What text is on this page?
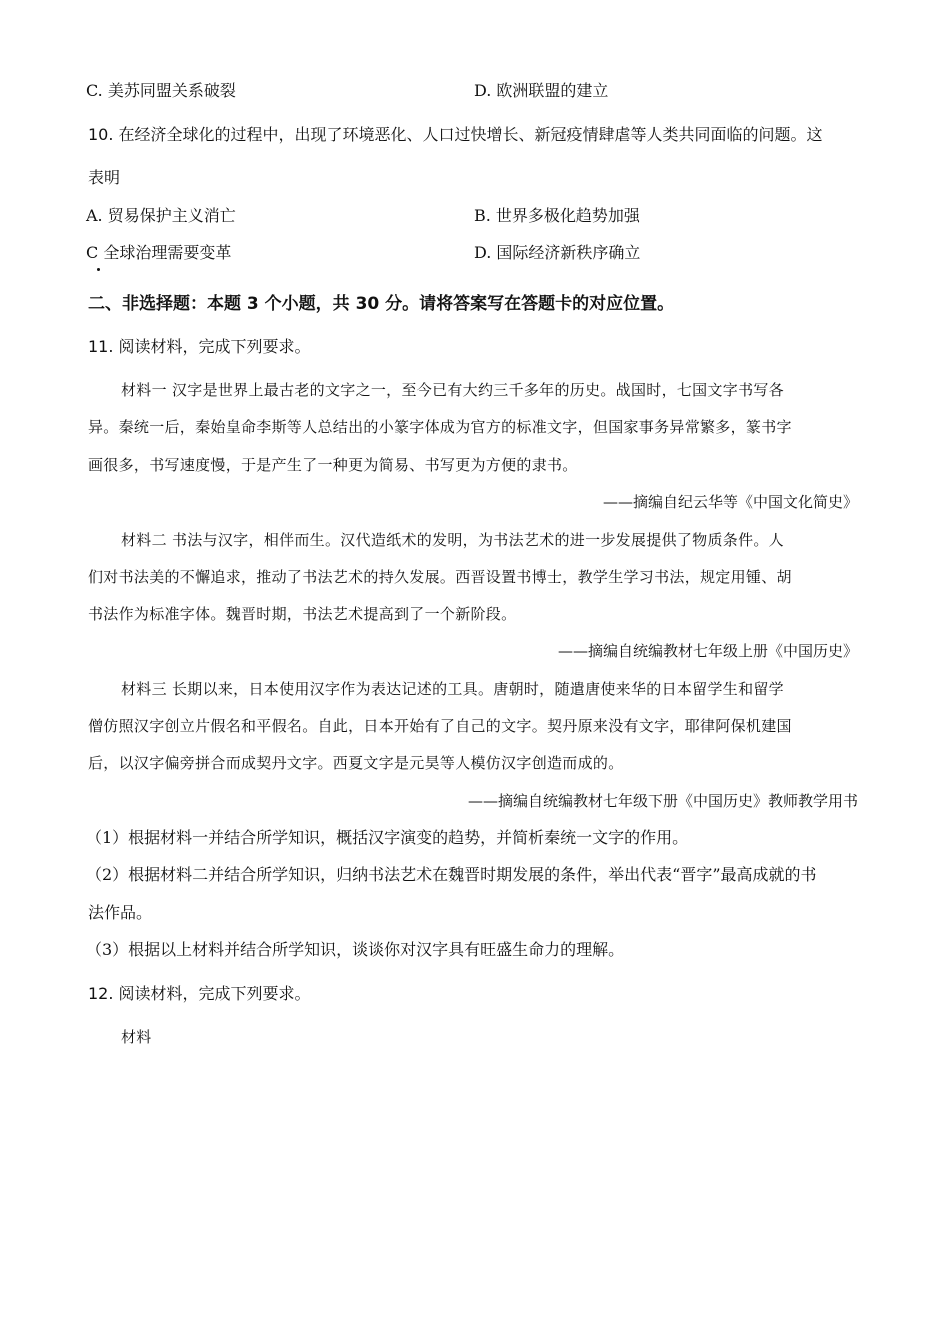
C. 美苏同盟关系破裂	D. 欧洲联盟的建立
10. 在经济全球化的过程中，出现了环境恶化、人口过快增长、新冠疫情肆虐等人类共同面临的问题。这
表明
A. 贸易保护主义消亡	B. 世界多极化趋势加强
C 全球治理需要变革	D. 国际经济新秩序确立
二、非选择题：本题 3 个小题，共 30 分。请将答案写在答题卡的对应位置。
11. 阅读材料，完成下列要求。
材料一 汉字是世界上最古老的文字之一，至今已有大约三千多年的历史。战国时，七国文字书写各
异。秦统一后，秦始皇命李斯等人总结出的小篆字体成为官方的标准文字，但国家事务异常繁多，篆书字
画很多，书写速度慢，于是产生了一种更为简易、书写更为方便的隶书。
——摘编自纪云华等《中国文化简史》
材料二 书法与汉字，相伴而生。汉代造纸术的发明，为书法艺术的进一步发展提供了物质条件。人
们对书法美的不懈追求，推动了书法艺术的持久发展。西晋设置书博士，教学生学习书法，规定用锺、胡
书法作为标准字体。魏晋时期，书法艺术提高到了一个新阶段。
——摘编自统编教材七年级上册《中国历史》
材料三 长期以来，日本使用汉字作为表达记述的工具。唐朝时，随遣唐使来华的日本留学生和留学
僧仿照汉字创立片假名和平假名。自此，日本开始有了自己的文字。契丹原来没有文字，耶律阿保机建国
后，以汉字偏旁拼合而成契丹文字。西夏文字是元昊等人模仿汉字创造而成的。
——摘编自统编教材七年级下册《中国历史》教师教学用书
（1）根据材料一并结合所学知识，概括汉字演变的趋势，并简析秦统一文字的作用。
（2）根据材料二并结合所学知识，归纳书法艺术在魏晋时期发展的条件，举出代表“晋字”最高成就的书
法作品。
（3）根据以上材料并结合所学知识，谈谈你对汉字具有旺盛生命力的理解。
12. 阅读材料，完成下列要求。
材料
